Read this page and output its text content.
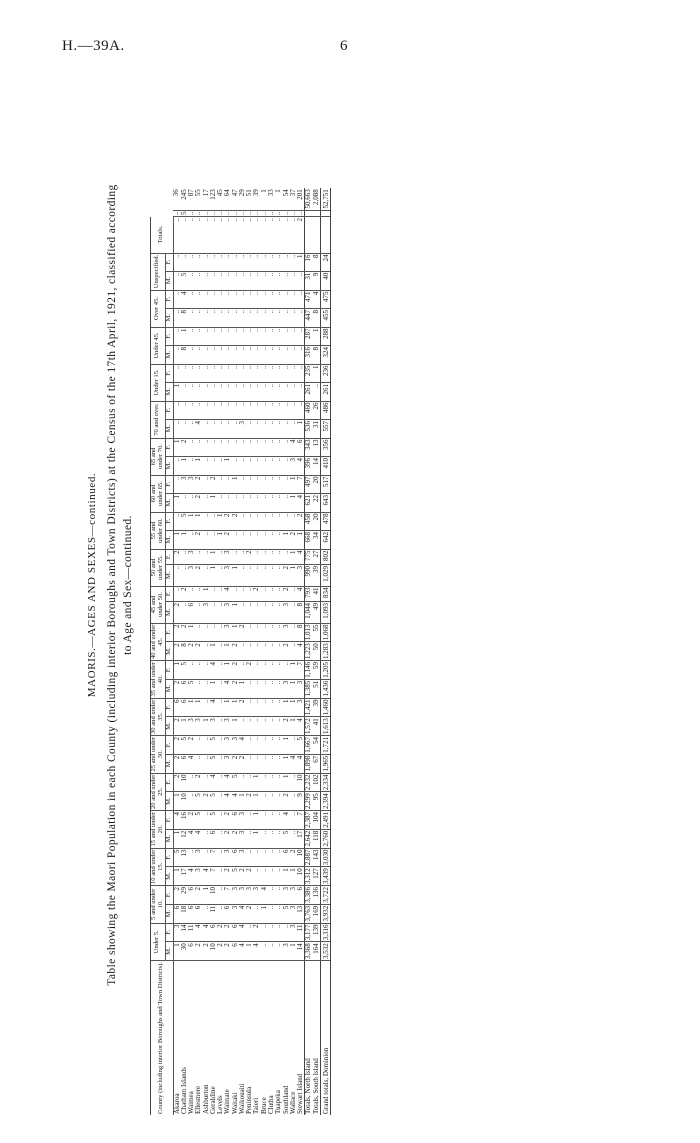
H.—39A.	6
MAORIS.—AGES AND SEXES—continued. Table showing the Maori Population in each County (including interior Boroughs and Town Districts) at the Census of the 17th April, 1921, classified according to Age and Sex—continued.
County (including interior Boroughs and Town Districts).	Under 5.		5 and under 10.		10 and under 15.		15 and under 20.		20 and under 25.		25 and under 30.		30 and under 35.		35 and under 40.		40 and under 45.		45 and under 50.		50 and under 55.		55 and under 60.		60 and under 65.		65 and under 70.		70 and over.		Under 15.		Under 45.		Over 45.		Unspecified.		Totals.		
	M.	F.	M.	F.	M.	F.	M.	F.	M.	F.	M.	F.	M.	F.	M.	F.	M.	F.	M.	F.	M.	F.	M.	F.	M.	F.	M.	F.	M.	F.	M.	F.	M.	F.	M.	F.	M.	F.			
Akaroa	1	3	6	2	1	5	1	4	1	2	2	2	2	6	2	1	2	2	2	..	..	2	1	..	1	..	..	1	..	..	1	..	..	..	..	..	..	..	..	..	36
Chatham Islands	30	14	18	29	17	13	12	16	10	10	6	5	1	6	6	5	8	2	..	2	..	..	1	5	..	3	1	2	..	..	..	..	8	1	8	4	5	..	..	5	245
Waimea	6	11	6	6	4	..	4	2	..	..	4	2	3	1	5	..	2	1	6	..	3	3	..	1	..	3	..	..	..	..	..	..	..	..	..	..	..	..	..	..	87
Ellesmere	2	4	6	2	3	3	4	5	5	2	..	..	3	1	..	..	2	..	..	..	2	..	2	1	2	2	1	..	4	..	..	..	..	..	..	..	..	..	..	..	55
Ashburton	2	4	..	1	4	..	..	..	2	..	..	..	1	..	..	..	..	..	3	1	..	..	..	..	..	..	..	..	..	..	..	..	..	..	..	..	..	..	..	..	17
Geraldine	10	6	11	10	7	7	6	5	5	4	5	5	3	4	1	4	1	..	..	..	1	1	..	..	1	2	..	..	..	..	..	..	..	..	..	..	..	..	..	..	123
Levels	2	2	..	..	..	..	..	..	..	..	..	..	..	..	..	..	..	..	..	..	..	..	1	1	..	..	..	..	..	..	..	..	..	..	..	..	..	..	..	..	45
Waimate	2	2	6	7	2	3	2	2	4	4	3	3	3	1	4	1	1	3	3	4	3	3	2	2	..	..	1	..	..	..	..	..	..	..	..	..	..	..	..	..	64
Waitaki	6	6	3	3	5	6	2	6	4	5	2	3	1	1	2	2	2	1	1	..	1	..	..	2	..	1	..	..	..	..	..	..	..	..	..	..	..	..	..	..	47
Waikouaiti	4	4	4	3	2	3	3	3	1	..	2	4	..	2	1	..	..	2	..	..	..	..	..	..	..	..	..	..	3	..	..	..	..	..	..	..	..	..	..	..	29
Peninsula	1	..	2	3	2	..	..	..	2	..	..	..	..	..	..	2	..	..	..	..	..	2	..	..	..	..	..	..	..	..	..	..	..	..	..	..	..	..	..	..	51
Taieri	4	2	..	3	..	..	1	1	1	1	..	..	..	..	..	..	..	..	..	2	..	..	..	..	..	..	..	..	..	..	..	..	..	..	..	..	..	..	..	..	39
Bruce	..	..	1	4	..	..	..	..	..	..	..	..	..	..	..	..	..	..	..	..	..	..	..	..	..	..	..	..	..	..	..	..	..	..	..	..	..	..	..	..	1
Clutha	..	..	..	..	..	..	..	..	..	..	..	..	..	..	..	..	..	..	..	..	..	..	..	..	..	..	..	..	..	..	..	..	..	..	..	..	..	..	..	..	33
Tuapeka	..	..	..	..	..	..	..	..	..	..	..	..	..	..	..	..	..	..	..	..	..	..	..	..	..	..	..	..	..	..	..	..	..	..	..	..	..	..	..	..	1
Southland	3	..	5	3	1	6	5	4	2	1	1	1	2	1	3	..	2	3	3	2	2	..	1	..	..	..	..	..	..	..	..	..	..	..	..	..	..	..	..	..	54
Wallace	1	3	3	3	1	2	..	..	..	..	4	..	1	1	1	1	..	..	..	..	1	1	2	..	1	1	3	4	..	..	..	..	..	..	..	..	..	..	..	..	37
Stewart Island	14	11	13	6	10	10	17	7	9	10	4	5	4	3	3	7	4	8	8	4	3	4	1	2	4	7	4	6	1	..	..	..	..	..	..	..	..	1	2	..	201
Totals, North Island	3,368	3,177	3,763	3,386	3,312	2,887	2,642	2,387	2,299	2,232	1,898	1,667	1,572	1,421	1,385	1,146	1,223	1,013	1,044	793	990	775	668	458	621	497	396	343	536	460	261	235	316	287	447	471	31	16			50,663
Totals, South Island	164	139	169	136	127	143	118	104	95	102	67	54	41	39	51	59	50	55	49	41	39	27	34	20	22	20	14	13	31	26	..	1	8	1	8	4	9	8			2,088
Grand totals, Dominion	3,532	3,316	3,932	3,722	3,439	3,030	2,760	2,491	2,394	2,334	1,965	1,721	1,613	1,460	1,436	1,205	1,283	1,068	1,093	834	1,029	802	642	478	643	517	410	356	557	486	261	236	324	288	455	475	40	24			52,751
